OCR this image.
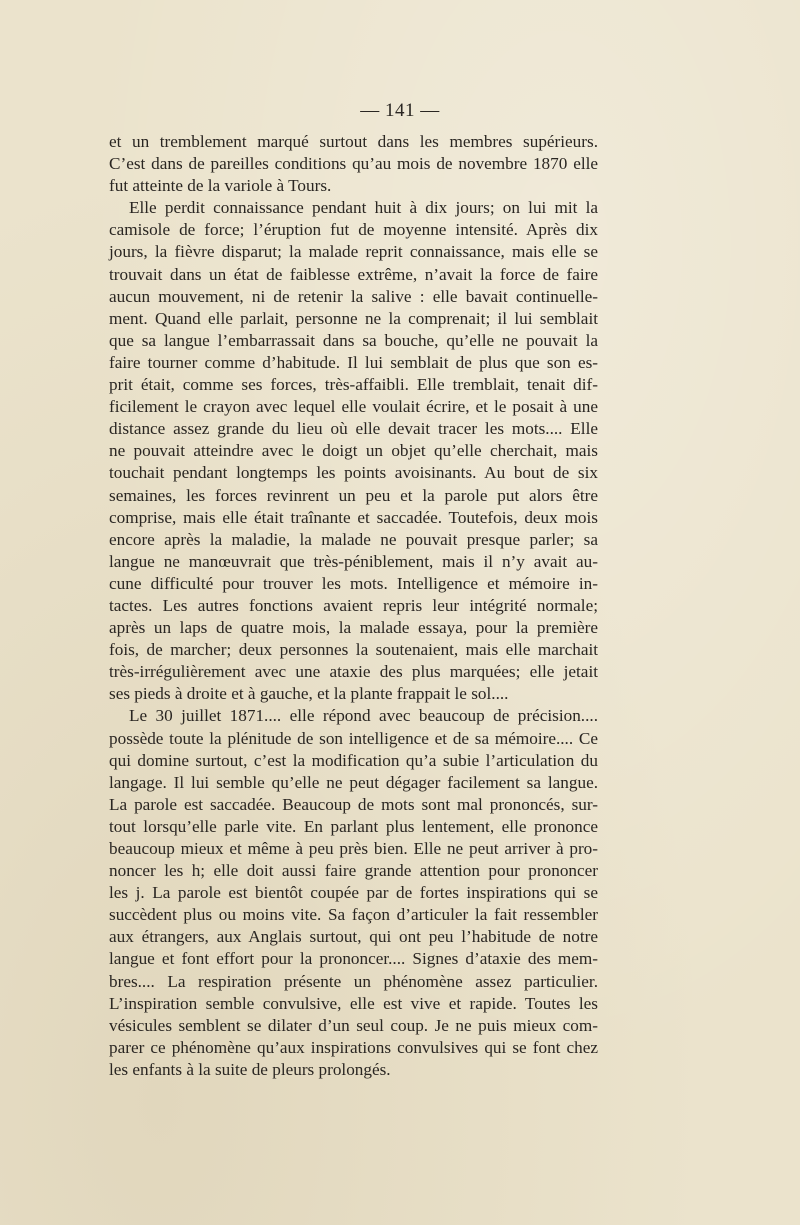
— 141 —
et un tremblement marqué surtout dans les membres supérieurs.
C’est dans de pareilles conditions qu’au mois de novembre 1870 elle
fut atteinte de la variole à Tours.
Elle perdit connaissance pendant huit à dix jours; on lui mit la
camisole de force; l’éruption fut de moyenne intensité. Après dix
jours, la fièvre disparut; la malade reprit connaissance, mais elle se
trouvait dans un état de faiblesse extrême, n’avait la force de faire
aucun mouvement, ni de retenir la salive : elle bavait continuelle-
ment. Quand elle parlait, personne ne la comprenait; il lui semblait
que sa langue l’embarrassait dans sa bouche, qu’elle ne pouvait la
faire tourner comme d’habitude. Il lui semblait de plus que son es-
prit était, comme ses forces, très-affaibli. Elle tremblait, tenait dif-
ficilement le crayon avec lequel elle voulait écrire, et le posait à une
distance assez grande du lieu où elle devait tracer les mots.... Elle
ne pouvait atteindre avec le doigt un objet qu’elle cherchait, mais
touchait pendant longtemps les points avoisinants. Au bout de six
semaines, les forces revinrent un peu et la parole put alors être
comprise, mais elle était traînante et saccadée. Toutefois, deux mois
encore après la maladie, la malade ne pouvait presque parler; sa
langue ne manœuvrait que très-péniblement, mais il n’y avait au-
cune difficulté pour trouver les mots. Intelligence et mémoire in-
tactes. Les autres fonctions avaient repris leur intégrité normale;
après un laps de quatre mois, la malade essaya, pour la première
fois, de marcher; deux personnes la soutenaient, mais elle marchait
très-irrégulièrement avec une ataxie des plus marquées; elle jetait
ses pieds à droite et à gauche, et la plante frappait le sol....
Le 30 juillet 1871.... elle répond avec beaucoup de précision....
possède toute la plénitude de son intelligence et de sa mémoire.... Ce
qui domine surtout, c’est la modification qu’a subie l’articulation du
langage. Il lui semble qu’elle ne peut dégager facilement sa langue.
La parole est saccadée. Beaucoup de mots sont mal prononcés, sur-
tout lorsqu’elle parle vite. En parlant plus lentement, elle prononce
beaucoup mieux et même à peu près bien. Elle ne peut arriver à pro-
noncer les h; elle doit aussi faire grande attention pour prononcer
les j. La parole est bientôt coupée par de fortes inspirations qui se
succèdent plus ou moins vite. Sa façon d’articuler la fait ressembler
aux étrangers, aux Anglais surtout, qui ont peu l’habitude de notre
langue et font effort pour la prononcer.... Signes d’ataxie des mem-
bres.... La respiration présente un phénomène assez particulier.
L’inspiration semble convulsive, elle est vive et rapide. Toutes les
vésicules semblent se dilater d’un seul coup. Je ne puis mieux com-
parer ce phénomène qu’aux inspirations convulsives qui se font chez
les enfants à la suite de pleurs prolongés.
